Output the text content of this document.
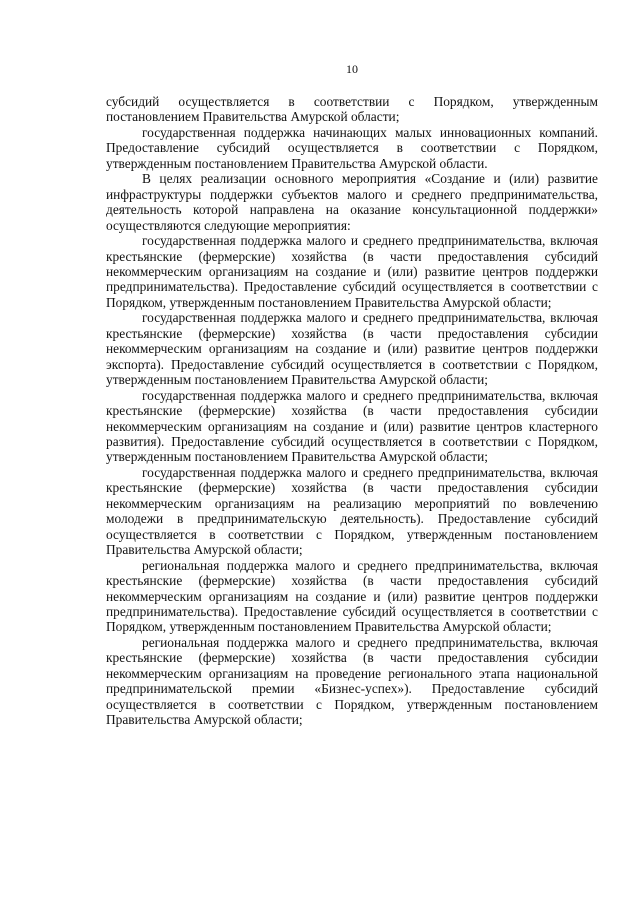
10

субсидий осуществляется в соответствии с Порядком, утвержденным постановлением Правительства Амурской области;

государственная поддержка начинающих малых инновационных компаний. Предоставление субсидий осуществляется в соответствии с Порядком, утвержденным постановлением Правительства Амурской области.

В целях реализации основного мероприятия «Создание и (или) развитие инфраструктуры поддержки субъектов малого и среднего предпринимательства, деятельность которой направлена на оказание консультационной поддержки» осуществляются следующие мероприятия:

государственная поддержка малого и среднего предпринимательства, включая крестьянские (фермерские) хозяйства (в части предоставления субсидий некоммерческим организациям на создание и (или) развитие центров поддержки предпринимательства). Предоставление субсидий осуществляется в соответствии с Порядком, утвержденным постановлением Правительства Амурской области;

государственная поддержка малого и среднего предпринимательства, включая крестьянские (фермерские) хозяйства (в части предоставления субсидии некоммерческим организациям на создание и (или) развитие центров поддержки экспорта). Предоставление субсидий осуществляется в соответствии с Порядком, утвержденным постановлением Правительства Амурской области;

государственная поддержка малого и среднего предпринимательства, включая крестьянские (фермерские) хозяйства (в части предоставления субсидии некоммерческим организациям на создание и (или) развитие центров кластерного развития). Предоставление субсидий осуществляется в соответствии с Порядком, утвержденным постановлением Правительства Амурской области;

государственная поддержка малого и среднего предпринимательства, включая крестьянские (фермерские) хозяйства (в части предоставления субсидии некоммерческим организациям на реализацию мероприятий по вовлечению молодежи в предпринимательскую деятельность). Предоставление субсидий осуществляется в соответствии с Порядком, утвержденным постановлением Правительства Амурской области;

региональная поддержка малого и среднего предпринимательства, включая крестьянские (фермерские) хозяйства (в части предоставления субсидий некоммерческим организациям на создание и (или) развитие центров поддержки предпринимательства). Предоставление субсидий осуществляется в соответствии с Порядком, утвержденным постановлением Правительства Амурской области;

региональная поддержка малого и среднего предпринимательства, включая крестьянские (фермерские) хозяйства (в части предоставления субсидии некоммерческим организациям на проведение регионального этапа национальной предпринимательской премии «Бизнес-успех»). Предоставление субсидий осуществляется в соответствии с Порядком, утвержденным постановлением Правительства Амурской области;
